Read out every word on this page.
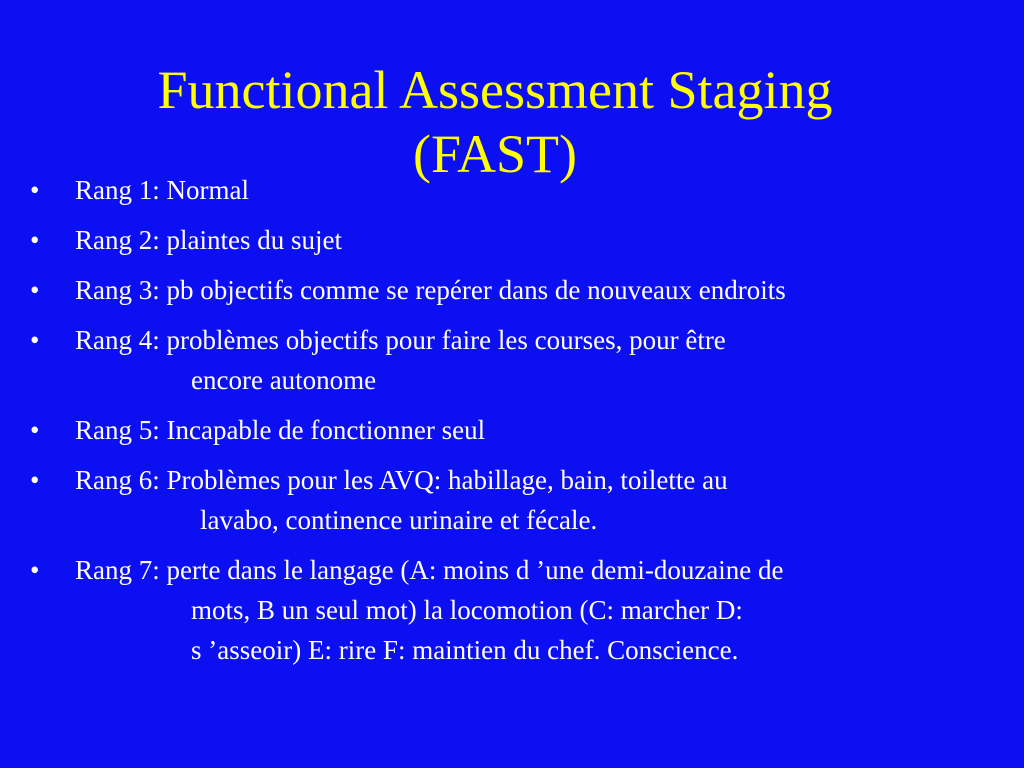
Functional Assessment Staging
(FAST)
• Rang 1: Normal
• Rang 2: plaintes du sujet
• Rang 3: pb objectifs comme se repérer dans de nouveaux endroits
• Rang 4: problèmes objectifs pour faire les courses, pour être
encore autonome
• Rang 5: Incapable de fonctionner seul
• Rang 6: Problèmes pour les AVQ: habillage, bain, toilette au
lavabo, continence urinaire et fécale.
• Rang 7: perte dans le langage (A: moins d ’une demi-douzaine de
mots, B un seul mot) la locomotion (C: marcher D:
s ’asseoir) E: rire F: maintien du chef. Conscience.
